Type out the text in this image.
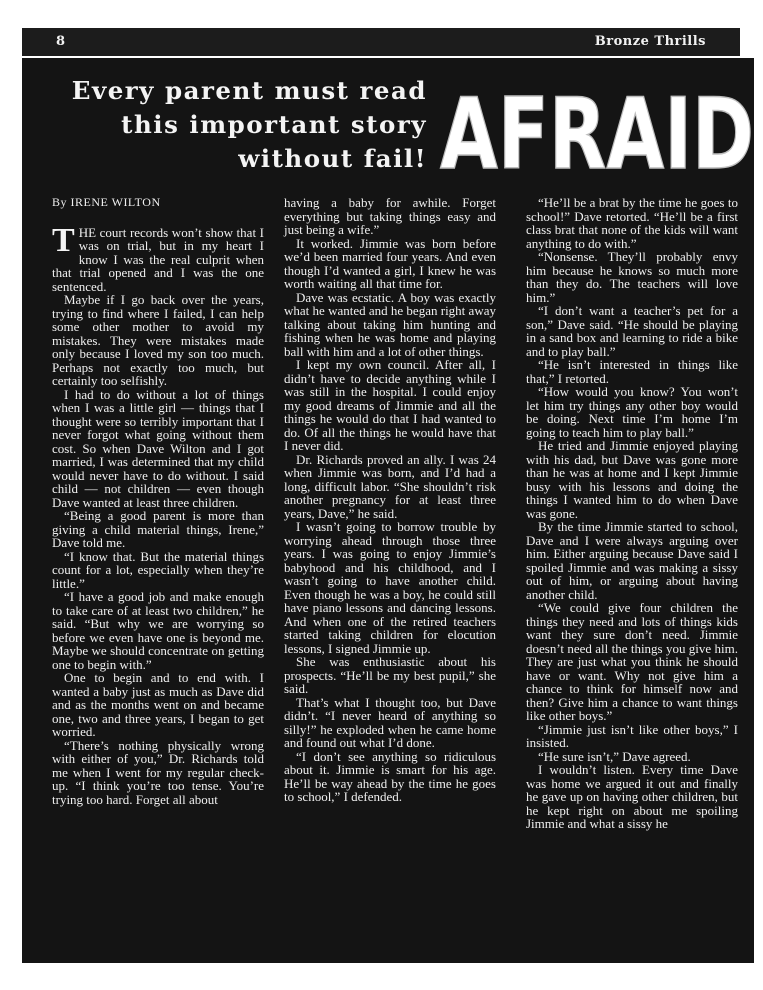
8	Bronze Thrills
Every parent must read
this important story
without fail! AFRAID

By IRENE WILTON

THE court records won’t show that I was on trial, but in my heart I know I was the real culprit when that trial opened and I was the one sentenced.

Maybe if I go back over the years, trying to find where I failed, I can help some other mother to avoid my mistakes. They were mistakes made only because I loved my son too much. Perhaps not exactly too much, but certainly too selfishly.

I had to do without a lot of things when I was a little girl — things that I thought were so terribly important that I never forgot what going without them cost. So when Dave Wilton and I got married, I was determined that my child would never have to do without. I said child — not children — even though Dave wanted at least three children.

“Being a good parent is more than giving a child material things, Irene,” Dave told me.

“I know that. But the material things count for a lot, especially when they’re little.”

“I have a good job and make enough to take care of at least two children,” he said. “But why we are worrying so before we even have one is beyond me. Maybe we should concentrate on getting one to begin with.”

One to begin and to end with. I wanted a baby just as much as Dave did and as the months went on and became one, two and three years, I began to get worried.

“There’s nothing physically wrong with either of you,” Dr. Richards told me when I went for my regular check-up. “I think you’re too tense. You’re trying too hard. Forget all about

having a baby for awhile. Forget everything but taking things easy and just being a wife.”

It worked. Jimmie was born before we’d been married four years. And even though I’d wanted a girl, I knew he was worth waiting all that time for.

Dave was ecstatic. A boy was exactly what he wanted and he began right away talking about taking him hunting and fishing when he was home and playing ball with him and a lot of other things.

I kept my own council. After all, I didn’t have to decide anything while I was still in the hospital. I could enjoy my good dreams of Jimmie and all the things he would do that I had wanted to do. Of all the things he would have that I never did.

Dr. Richards proved an ally. I was 24 when Jimmie was born, and I’d had a long, difficult labor. “She shouldn’t risk another pregnancy for at least three years, Dave,” he said.

I wasn’t going to borrow trouble by worrying ahead through those three years. I was going to enjoy Jimmie’s babyhood and his childhood, and I wasn’t going to have another child. Even though he was a boy, he could still have piano lessons and dancing lessons. And when one of the retired teachers started taking children for elocution lessons, I signed Jimmie up.

She was enthusiastic about his prospects. “He’ll be my best pupil,” she said.

That’s what I thought too, but Dave didn’t. “I never heard of anything so silly!” he exploded when he came home and found out what I’d done.

“I don’t see anything so ridiculous about it. Jimmie is smart for his age. He’ll be way ahead by the time he goes to school,” I defended.

“He’ll be a brat by the time he goes to school!” Dave retorted. “He’ll be a first class brat that none of the kids will want anything to do with.”

“Nonsense. They’ll probably envy him because he knows so much more than they do. The teachers will love him.”

“I don’t want a teacher’s pet for a son,” Dave said. “He should be playing in a sand box and learning to ride a bike and to play ball.”

“He isn’t interested in things like that,” I retorted.

“How would you know? You won’t let him try things any other boy would be doing. Next time I’m home I’m going to teach him to play ball.”

He tried and Jimmie enjoyed playing with his dad, but Dave was gone more than he was at home and I kept Jimmie busy with his lessons and doing the things I wanted him to do when Dave was gone.

By the time Jimmie started to school, Dave and I were always arguing over him. Either arguing because Dave said I spoiled Jimmie and was making a sissy out of him, or arguing about having another child.

“We could give four children the things they need and lots of things kids want they sure don’t need. Jimmie doesn’t need all the things you give him. They are just what you think he should have or want. Why not give him a chance to think for himself now and then? Give him a chance to want things like other boys.”

“Jimmie just isn’t like other boys,” I insisted.

“He sure isn’t,” Dave agreed.

I wouldn’t listen. Every time Dave was home we argued it out and finally he gave up on having other children, but he kept right on about me spoiling Jimmie and what a sissy he
